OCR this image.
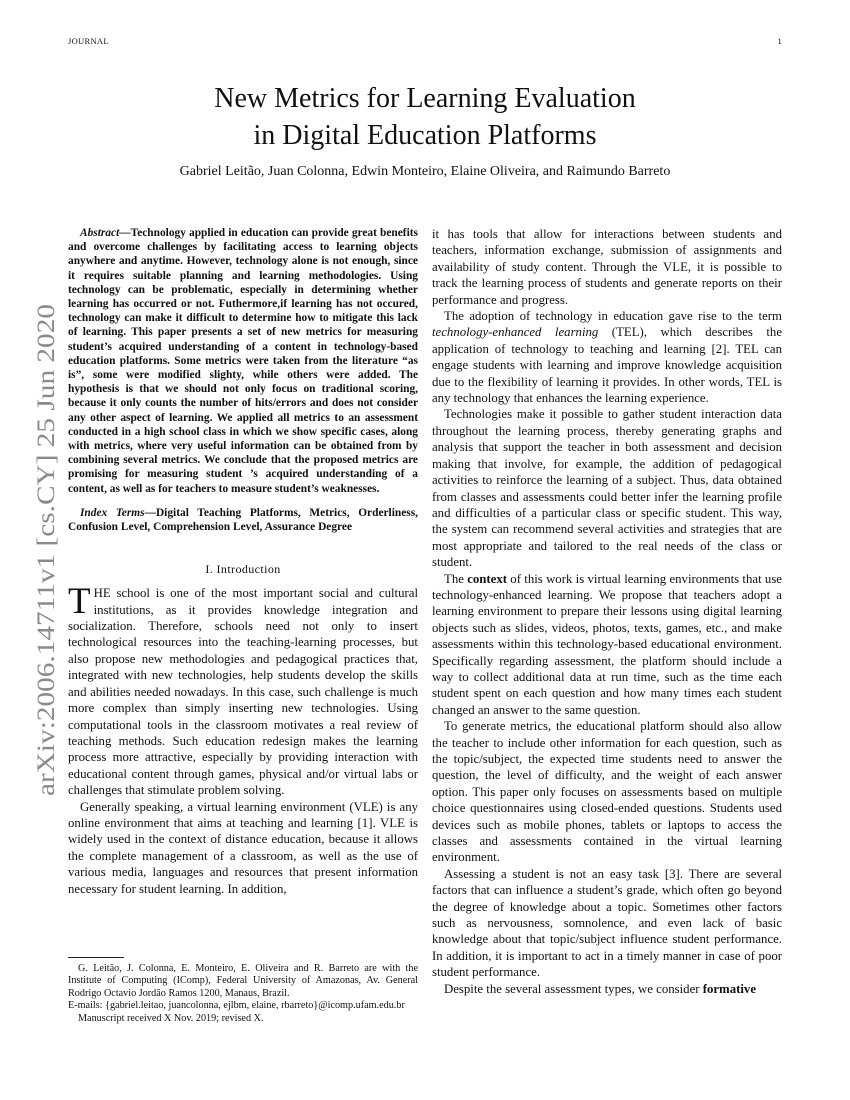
JOURNAL	1
arXiv:2006.14711v1 [cs.CY] 25 Jun 2020
New Metrics for Learning Evaluation
in Digital Education Platforms
Gabriel Leitão, Juan Colonna, Edwin Monteiro, Elaine Oliveira, and Raimundo Barreto

Abstract—Technology applied in education can provide great benefits and overcome challenges by facilitating access to learning objects anywhere and anytime. However, technology alone is not enough, since it requires suitable planning and learning methodologies. Using technology can be problematic, especially in determining whether learning has occurred or not. Futhermore,if learning has not occured, technology can make it difficult to determine how to mitigate this lack of learning. This paper presents a set of new metrics for measuring student’s acquired understanding of a content in technology-based education platforms. Some metrics were taken from the literature “as is”, some were modified slighty, while others were added. The hypothesis is that we should not only focus on traditional scoring, because it only counts the number of hits/errors and does not consider any other aspect of learning. We applied all metrics to an assessment conducted in a high school class in which we show specific cases, along with metrics, where very useful information can be obtained from by combining several metrics. We conclude that the proposed metrics are promising for measuring student ’s acquired understanding of a content, as well as for teachers to measure student’s weaknesses.

Index Terms—Digital Teaching Platforms, Metrics, Orderliness, Confusion Level, Comprehension Level, Assurance Degree

I. Introduction

THE school is one of the most important social and cultural institutions, as it provides knowledge integration and socialization. Therefore, schools need not only to insert technological resources into the teaching-learning processes, but also propose new methodologies and pedagogical practices that, integrated with new technologies, help students develop the skills and abilities needed nowadays. In this case, such challenge is much more complex than simply inserting new technologies. Using computational tools in the classroom motivates a real review of teaching methods. Such education redesign makes the learning process more attractive, especially by providing interaction with educational content through games, physical and/or virtual labs or challenges that stimulate problem solving.

Generally speaking, a virtual learning environment (VLE) is any online environment that aims at teaching and learning [1]. VLE is widely used in the context of distance education, because it allows the complete management of a classroom, as well as the use of various media, languages and resources that present information necessary for student learning. In addition,

it has tools that allow for interactions between students and teachers, information exchange, submission of assignments and availability of study content. Through the VLE, it is possible to track the learning process of students and generate reports on their performance and progress.

The adoption of technology in education gave rise to the term technology-enhanced learning (TEL), which describes the application of technology to teaching and learning [2]. TEL can engage students with learning and improve knowledge acquisition due to the flexibility of learning it provides. In other words, TEL is any technology that enhances the learning experience.

Technologies make it possible to gather student interaction data throughout the learning process, thereby generating graphs and analysis that support the teacher in both assessment and decision making that involve, for example, the addition of pedagogical activities to reinforce the learning of a subject. Thus, data obtained from classes and assessments could better infer the learning profile and difficulties of a particular class or specific student. This way, the system can recommend several activities and strategies that are most appropriate and tailored to the real needs of the class or student.

The context of this work is virtual learning environments that use technology-enhanced learning. We propose that teachers adopt a learning environment to prepare their lessons using digital learning objects such as slides, videos, photos, texts, games, etc., and make assessments within this technology-based educational environment. Specifically regarding assessment, the platform should include a way to collect additional data at run time, such as the time each student spent on each question and how many times each student changed an answer to the same question.

To generate metrics, the educational platform should also allow the teacher to include other information for each question, such as the topic/subject, the expected time students need to answer the question, the level of difficulty, and the weight of each answer option. This paper only focuses on assessments based on multiple choice questionnaires using closed-ended questions. Students used devices such as mobile phones, tablets or laptops to access the classes and assessments contained in the virtual learning environment.

Assessing a student is not an easy task [3]. There are several factors that can influence a student’s grade, which often go beyond the degree of knowledge about a topic. Sometimes other factors such as nervousness, somnolence, and even lack of basic knowledge about that topic/subject influence student performance. In addition, it is important to act in a timely manner in case of poor student performance.

Despite the several assessment types, we consider formative

G. Leitão, J. Colonna, E. Monteiro, E. Oliveira and R. Barreto are with the Institute of Computing (IComp), Federal University of Amazonas, Av. General Rodrigo Octavio Jordão Ramos 1200, Manaus, Brazil.

E-mails: {gabriel.leitao, juancolonna, ejlbm, elaine, rbarreto}@icomp.ufam.edu.br

Manuscript received X Nov. 2019; revised X.
